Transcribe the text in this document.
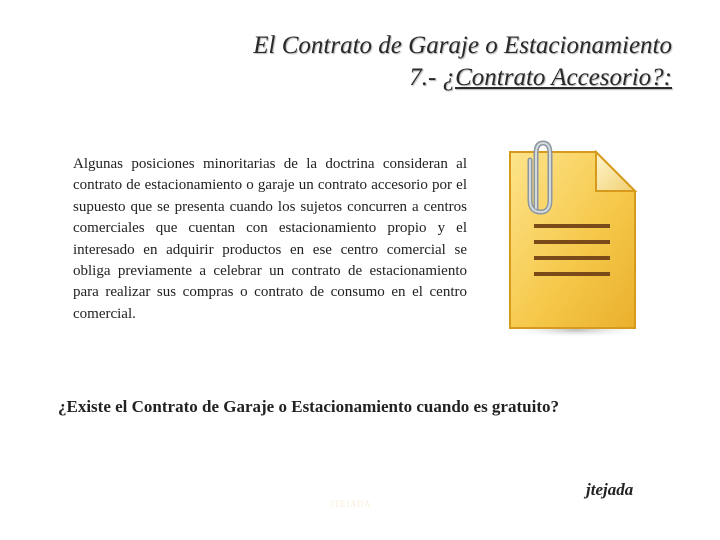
El Contrato de Garaje o Estacionamiento
7.- ¿Contrato Accesorio?:
Algunas posiciones minoritarias de la doctrina consideran al contrato de estacionamiento o garaje un contrato accesorio por el supuesto que se presenta cuando los sujetos concurren a centros comerciales que cuentan con estacionamiento propio y el interesado en adquirir productos en ese centro comercial se obliga previamente a celebrar un contrato de estacionamiento para realizar sus compras o contrato de consumo en el centro comercial.
¿Existe el Contrato de Garaje o Estacionamiento cuando es gratuito?
JTEJADA
jtejada
